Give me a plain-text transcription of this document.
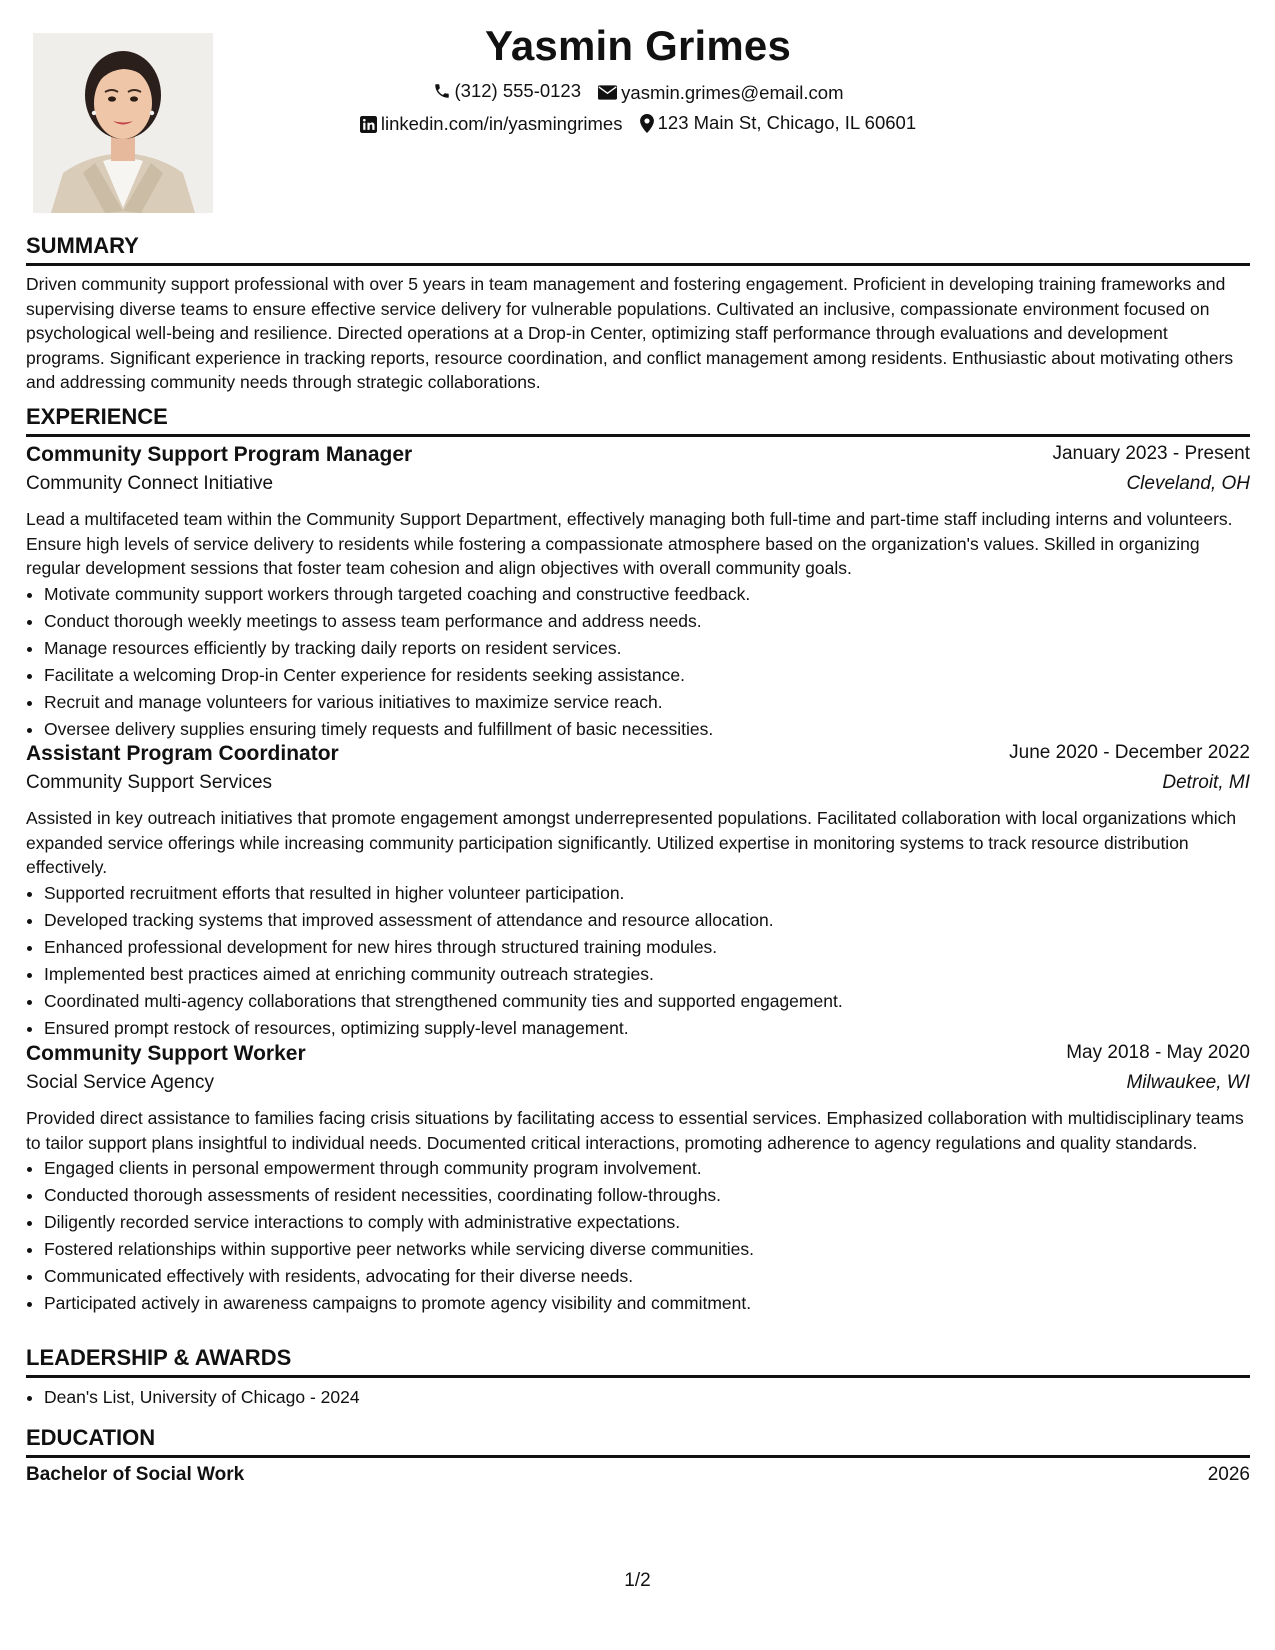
Yasmin Grimes
(312) 555-0123
yasmin.grimes@email.com
linkedin.com/in/yasmingrimes
123 Main St, Chicago, IL 60601
SUMMARY

Driven community support professional with over 5 years in team management and fostering engagement. Proficient in developing training frameworks and supervising diverse teams to ensure effective service delivery for vulnerable populations. Cultivated an inclusive, compassionate environment focused on psychological well-being and resilience. Directed operations at a Drop-in Center, optimizing staff performance through evaluations and development programs. Significant experience in tracking reports, resource coordination, and conflict management among residents. Enthusiastic about motivating others and addressing community needs through strategic collaborations.

EXPERIENCE
Community Support Program Manager	January 2023 - Present
Community Connect Initiative	Cleveland, OH

Lead a multifaceted team within the Community Support Department, effectively managing both full-time and part-time staff including interns and volunteers. Ensure high levels of service delivery to residents while fostering a compassionate atmosphere based on the organization's values. Skilled in organizing regular development sessions that foster team cohesion and align objectives with overall community goals.

• Motivate community support workers through targeted coaching and constructive feedback.
• Conduct thorough weekly meetings to assess team performance and address needs.
• Manage resources efficiently by tracking daily reports on resident services.
• Facilitate a welcoming Drop-in Center experience for residents seeking assistance.
• Recruit and manage volunteers for various initiatives to maximize service reach.
• Oversee delivery supplies ensuring timely requests and fulfillment of basic necessities.
Assistant Program Coordinator	June 2020 - December 2022
Community Support Services	Detroit, MI

Assisted in key outreach initiatives that promote engagement amongst underrepresented populations. Facilitated collaboration with local organizations which expanded service offerings while increasing community participation significantly. Utilized expertise in monitoring systems to track resource distribution effectively.

• Supported recruitment efforts that resulted in higher volunteer participation.
• Developed tracking systems that improved assessment of attendance and resource allocation.
• Enhanced professional development for new hires through structured training modules.
• Implemented best practices aimed at enriching community outreach strategies.
• Coordinated multi-agency collaborations that strengthened community ties and supported engagement.
• Ensured prompt restock of resources, optimizing supply-level management.
Community Support Worker	May 2018 - May 2020
Social Service Agency	Milwaukee, WI

Provided direct assistance to families facing crisis situations by facilitating access to essential services. Emphasized collaboration with multidisciplinary teams to tailor support plans insightful to individual needs. Documented critical interactions, promoting adherence to agency regulations and quality standards.

• Engaged clients in personal empowerment through community program involvement.
• Conducted thorough assessments of resident necessities, coordinating follow-throughs.
• Diligently recorded service interactions to comply with administrative expectations.
• Fostered relationships within supportive peer networks while servicing diverse communities.
• Communicated effectively with residents, advocating for their diverse needs.
• Participated actively in awareness campaigns to promote agency visibility and commitment.
LEADERSHIP & AWARDS
• Dean's List, University of Chicago - 2024
EDUCATION
Bachelor of Social Work	2026
1/2
